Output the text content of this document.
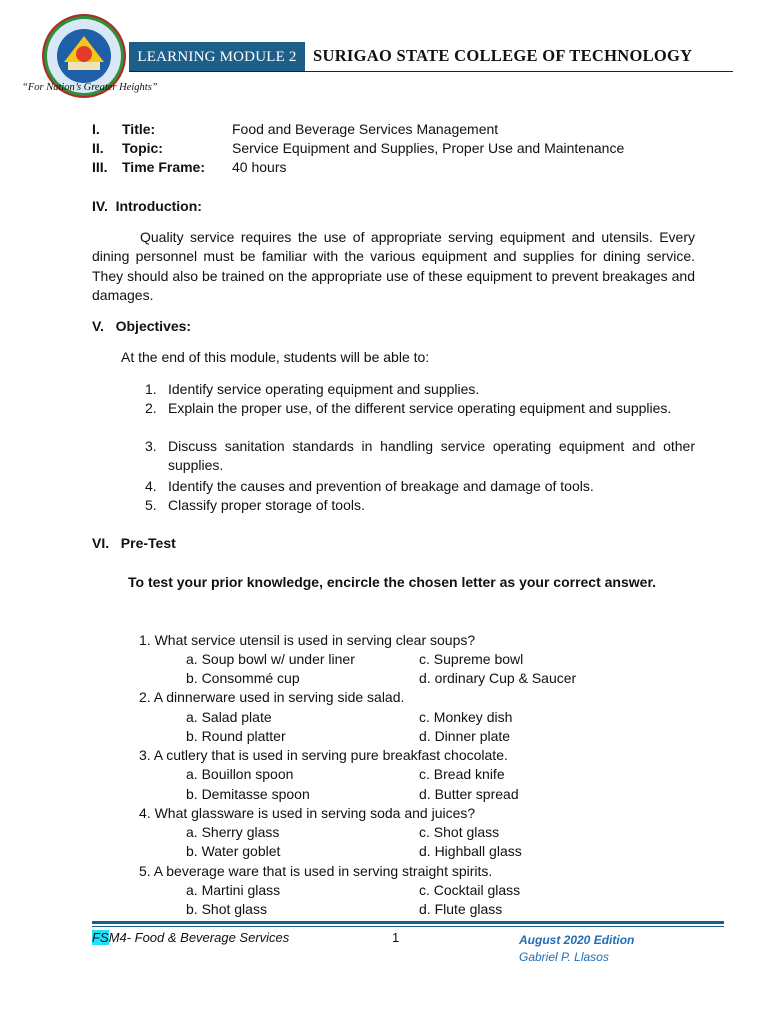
“For Nation’s Greater Heights”
LEARNING MODULE 2 SURIGAO STATE COLLEGE OF TECHNOLOGY
I. Title:	Food and Beverage Services Management
II. Topic:	Service Equipment and Supplies, Proper Use and Maintenance
III. Time Frame: 40 hours
IV.  Introduction:
Quality service requires the use of appropriate serving equipment and utensils. Every dining personnel must be familiar with the various equipment and supplies for dining service. They should also be trained on the appropriate use of these equipment to prevent breakages and damages.
V.   Objectives:
At the end of this module, students will be able to:
1. Identify service operating equipment and supplies.
2. Explain the proper use, of the different service operating equipment and supplies.
3. Discuss sanitation standards in handling service operating equipment and other supplies.
4. Identify the causes and prevention of breakage and damage of tools.
5. Classify proper storage of tools.
VI.   Pre-Test
To test your prior knowledge, encircle the chosen letter as your correct answer.
1. What service utensil is used in serving clear soups?
a. Soup bowl w/ under liner	c. Supreme bowl
b. Consommé cup	d. ordinary Cup & Saucer
2. A dinnerware used in serving side salad.
a. Salad plate	c. Monkey dish
b. Round platter	d. Dinner plate
3. A cutlery that is used in serving pure breakfast chocolate.
a. Bouillon spoon	c. Bread knife
b. Demitasse spoon	d. Butter spread
4. What glassware is used in serving soda and juices?
a. Sherry glass	c. Shot glass
b. Water goblet	d. Highball glass
5. A beverage ware that is used in serving straight spirits.
a. Martini glass	c. Cocktail glass
b. Shot glass	d. Flute glass
FSM4- Food & Beverage Services	1	August 2020 Edition
Gabriel P. Llasos
